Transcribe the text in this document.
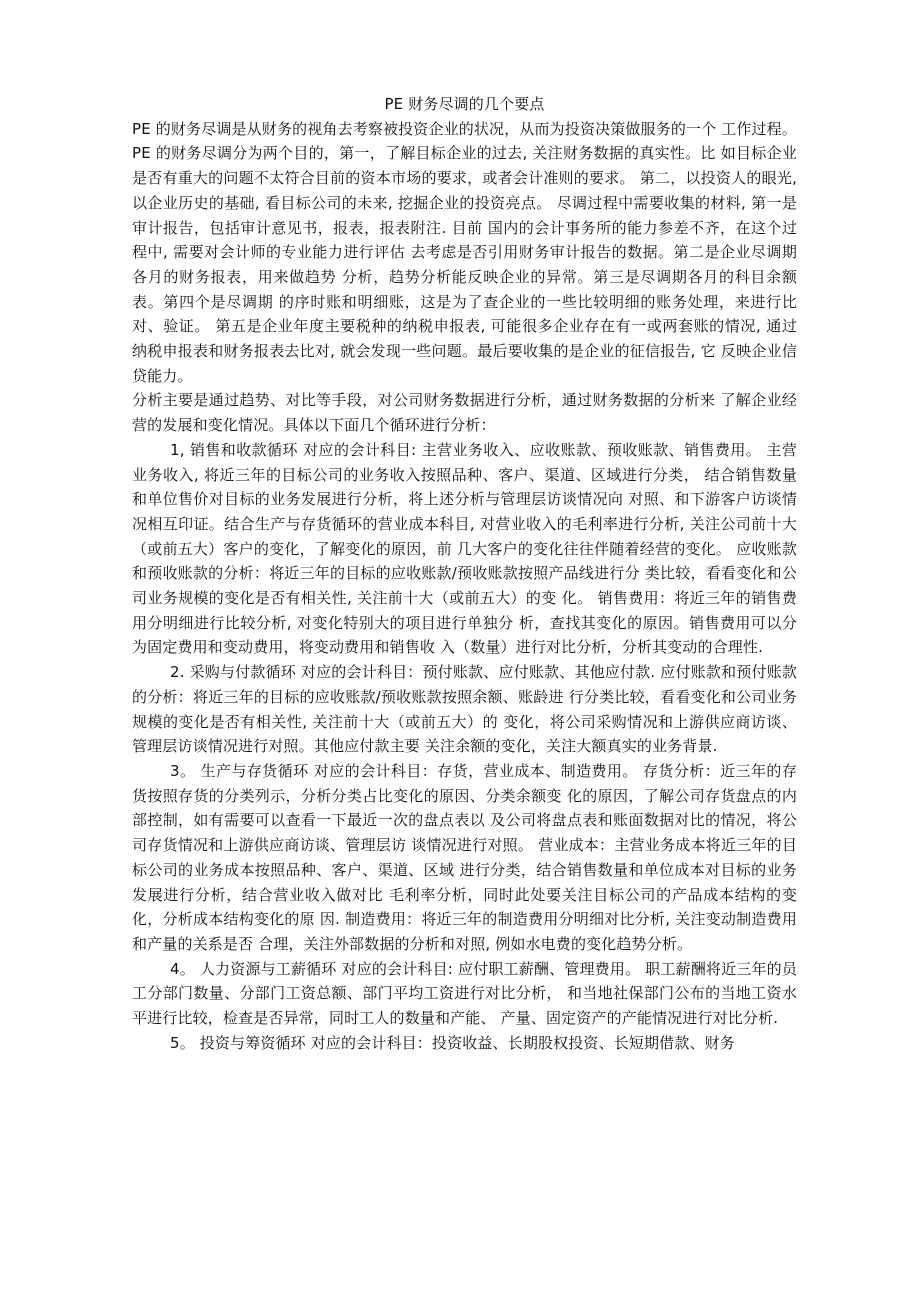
PE 财务尽调的几个要点

PE 的财务尽调是从财务的视角去考察被投资企业的状况，从而为投资决策做服务的一个 工作过程。

PE 的财务尽调分为两个目的，第一，了解目标企业的过去, 关注财务数据的真实性。比 如目标企业是否有重大的问题不太符合目前的资本市场的要求，或者会计准则的要求。 第二，以投资人的眼光, 以企业历史的基础, 看目标公司的未来, 挖掘企业的投资亮点。 尽调过程中需要收集的材料, 第一是审计报告，包括审计意见书，报表，报表附注. 目前 国内的会计事务所的能力参差不齐，在这个过程中, 需要对会计师的专业能力进行评估 去考虑是否引用财务审计报告的数据。第二是企业尽调期各月的财务报表，用来做趋势 分析，趋势分析能反映企业的异常。第三是尽调期各月的科目余额表。第四个是尽调期 的序时账和明细账，这是为了查企业的一些比较明细的账务处理，来进行比对、验证。 第五是企业年度主要税种的纳税申报表, 可能很多企业存在有一或两套账的情况, 通过 纳税申报表和财务报表去比对, 就会发现一些问题。最后要收集的是企业的征信报告, 它 反映企业信贷能力。

分析主要是通过趋势、对比等手段，对公司财务数据进行分析，通过财务数据的分析来 了解企业经营的发展和变化情况。具体以下面几个循环进行分析：

1, 销售和收款循环 对应的会计科目: 主营业务收入、应收账款、预收账款、销售费用。 主营业务收入, 将近三年的目标公司的业务收入按照品种、客户、渠道、区域进行分类， 结合销售数量和单位售价对目标的业务发展进行分析，将上述分析与管理层访谈情况向 对照、和下游客户访谈情况相互印证。结合生产与存货循环的营业成本科目, 对营业收入的毛利率进行分析, 关注公司前十大（或前五大）客户的变化，了解变化的原因，前 几大客户的变化往往伴随着经营的变化。 应收账款和预收账款的分析：将近三年的目标的应收账款/预收账款按照产品线进行分 类比较，看看变化和公司业务规模的变化是否有相关性, 关注前十大（或前五大）的变 化。 销售费用：将近三年的销售费用分明细进行比较分析, 对变化特别大的项目进行单独分 析，查找其变化的原因。销售费用可以分为固定费用和变动费用，将变动费用和销售收 入（数量）进行对比分析，分析其变动的合理性.

2. 采购与付款循环 对应的会计科目：预付账款、应付账款、其他应付款. 应付账款和预付账款的分析：将近三年的目标的应收账款/预收账款按照余额、账龄进 行分类比较，看看变化和公司业务规模的变化是否有相关性, 关注前十大（或前五大）的 变化，将公司采购情况和上游供应商访谈、管理层访谈情况进行对照。其他应付款主要 关注余额的变化，关注大额真实的业务背景.

3。 生产与存货循环 对应的会计科目：存货，营业成本、制造费用。 存货分析：近三年的存货按照存货的分类列示，分析分类占比变化的原因、分类余额变 化的原因，了解公司存货盘点的内部控制，如有需要可以查看一下最近一次的盘点表以 及公司将盘点表和账面数据对比的情况，将公司存货情况和上游供应商访谈、管理层访 谈情况进行对照。 营业成本：主营业务成本将近三年的目标公司的业务成本按照品种、客户、渠道、区域 进行分类，结合销售数量和单位成本对目标的业务发展进行分析，结合营业收入做对比 毛利率分析，同时此处要关注目标公司的产品成本结构的变化，分析成本结构变化的原 因. 制造费用：将近三年的制造费用分明细对比分析, 关注变动制造费用和产量的关系是否 合理，关注外部数据的分析和对照, 例如水电费的变化趋势分析。

4。 人力资源与工薪循环 对应的会计科目: 应付职工薪酬、管理费用。 职工薪酬将近三年的员工分部门数量、分部门工资总额、部门平均工资进行对比分析， 和当地社保部门公布的当地工资水平进行比较，检查是否异常，同时工人的数量和产能、 产量、固定资产的产能情况进行对比分析.

5。 投资与筹资循环 对应的会计科目：投资收益、长期股权投资、长短期借款、财务
